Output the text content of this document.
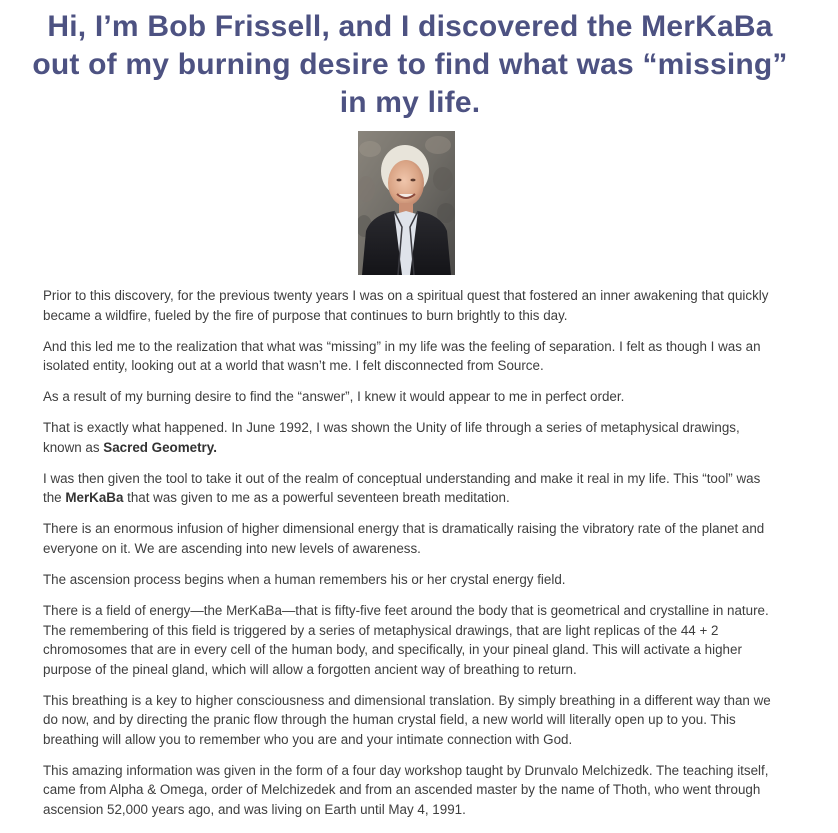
Hi, I’m Bob Frissell, and I discovered the MerKaBa out of my burning desire to find what was “missing” in my life.

Prior to this discovery, for the previous twenty years I was on a spiritual quest that fostered an inner awakening that quickly became a wildfire, fueled by the fire of purpose that continues to burn brightly to this day.

And this led me to the realization that what was “missing” in my life was the feeling of separation. I felt as though I was an isolated entity, looking out at a world that wasn’t me. I felt disconnected from Source.

As a result of my burning desire to find the “answer”, I knew it would appear to me in perfect order.

That is exactly what happened. In June 1992, I was shown the Unity of life through a series of metaphysical drawings, known as Sacred Geometry.

I was then given the tool to take it out of the realm of conceptual understanding and make it real in my life. This “tool” was the MerKaBa that was given to me as a powerful seventeen breath meditation.

There is an enormous infusion of higher dimensional energy that is dramatically raising the vibratory rate of the planet and everyone on it. We are ascending into new levels of awareness.

The ascension process begins when a human remembers his or her crystal energy field.

There is a field of energy—the MerKaBa—that is fifty-five feet around the body that is geometrical and crystalline in nature. The remembering of this field is triggered by a series of metaphysical drawings, that are light replicas of the 44 + 2 chromosomes that are in every cell of the human body, and specifically, in your pineal gland. This will activate a higher purpose of the pineal gland, which will allow a forgotten ancient way of breathing to return.

This breathing is a key to higher consciousness and dimensional translation. By simply breathing in a different way than we do now, and by directing the pranic flow through the human crystal field, a new world will literally open up to you. This breathing will allow you to remember who you are and your intimate connection with God.

This amazing information was given in the form of a four day workshop taught by Drunvalo Melchizedk. The teaching itself, came from Alpha & Omega, order of Melchizedek and from an ascended master by the name of Thoth, who went through ascension 52,000 years ago, and was living on Earth until May 4, 1991.
